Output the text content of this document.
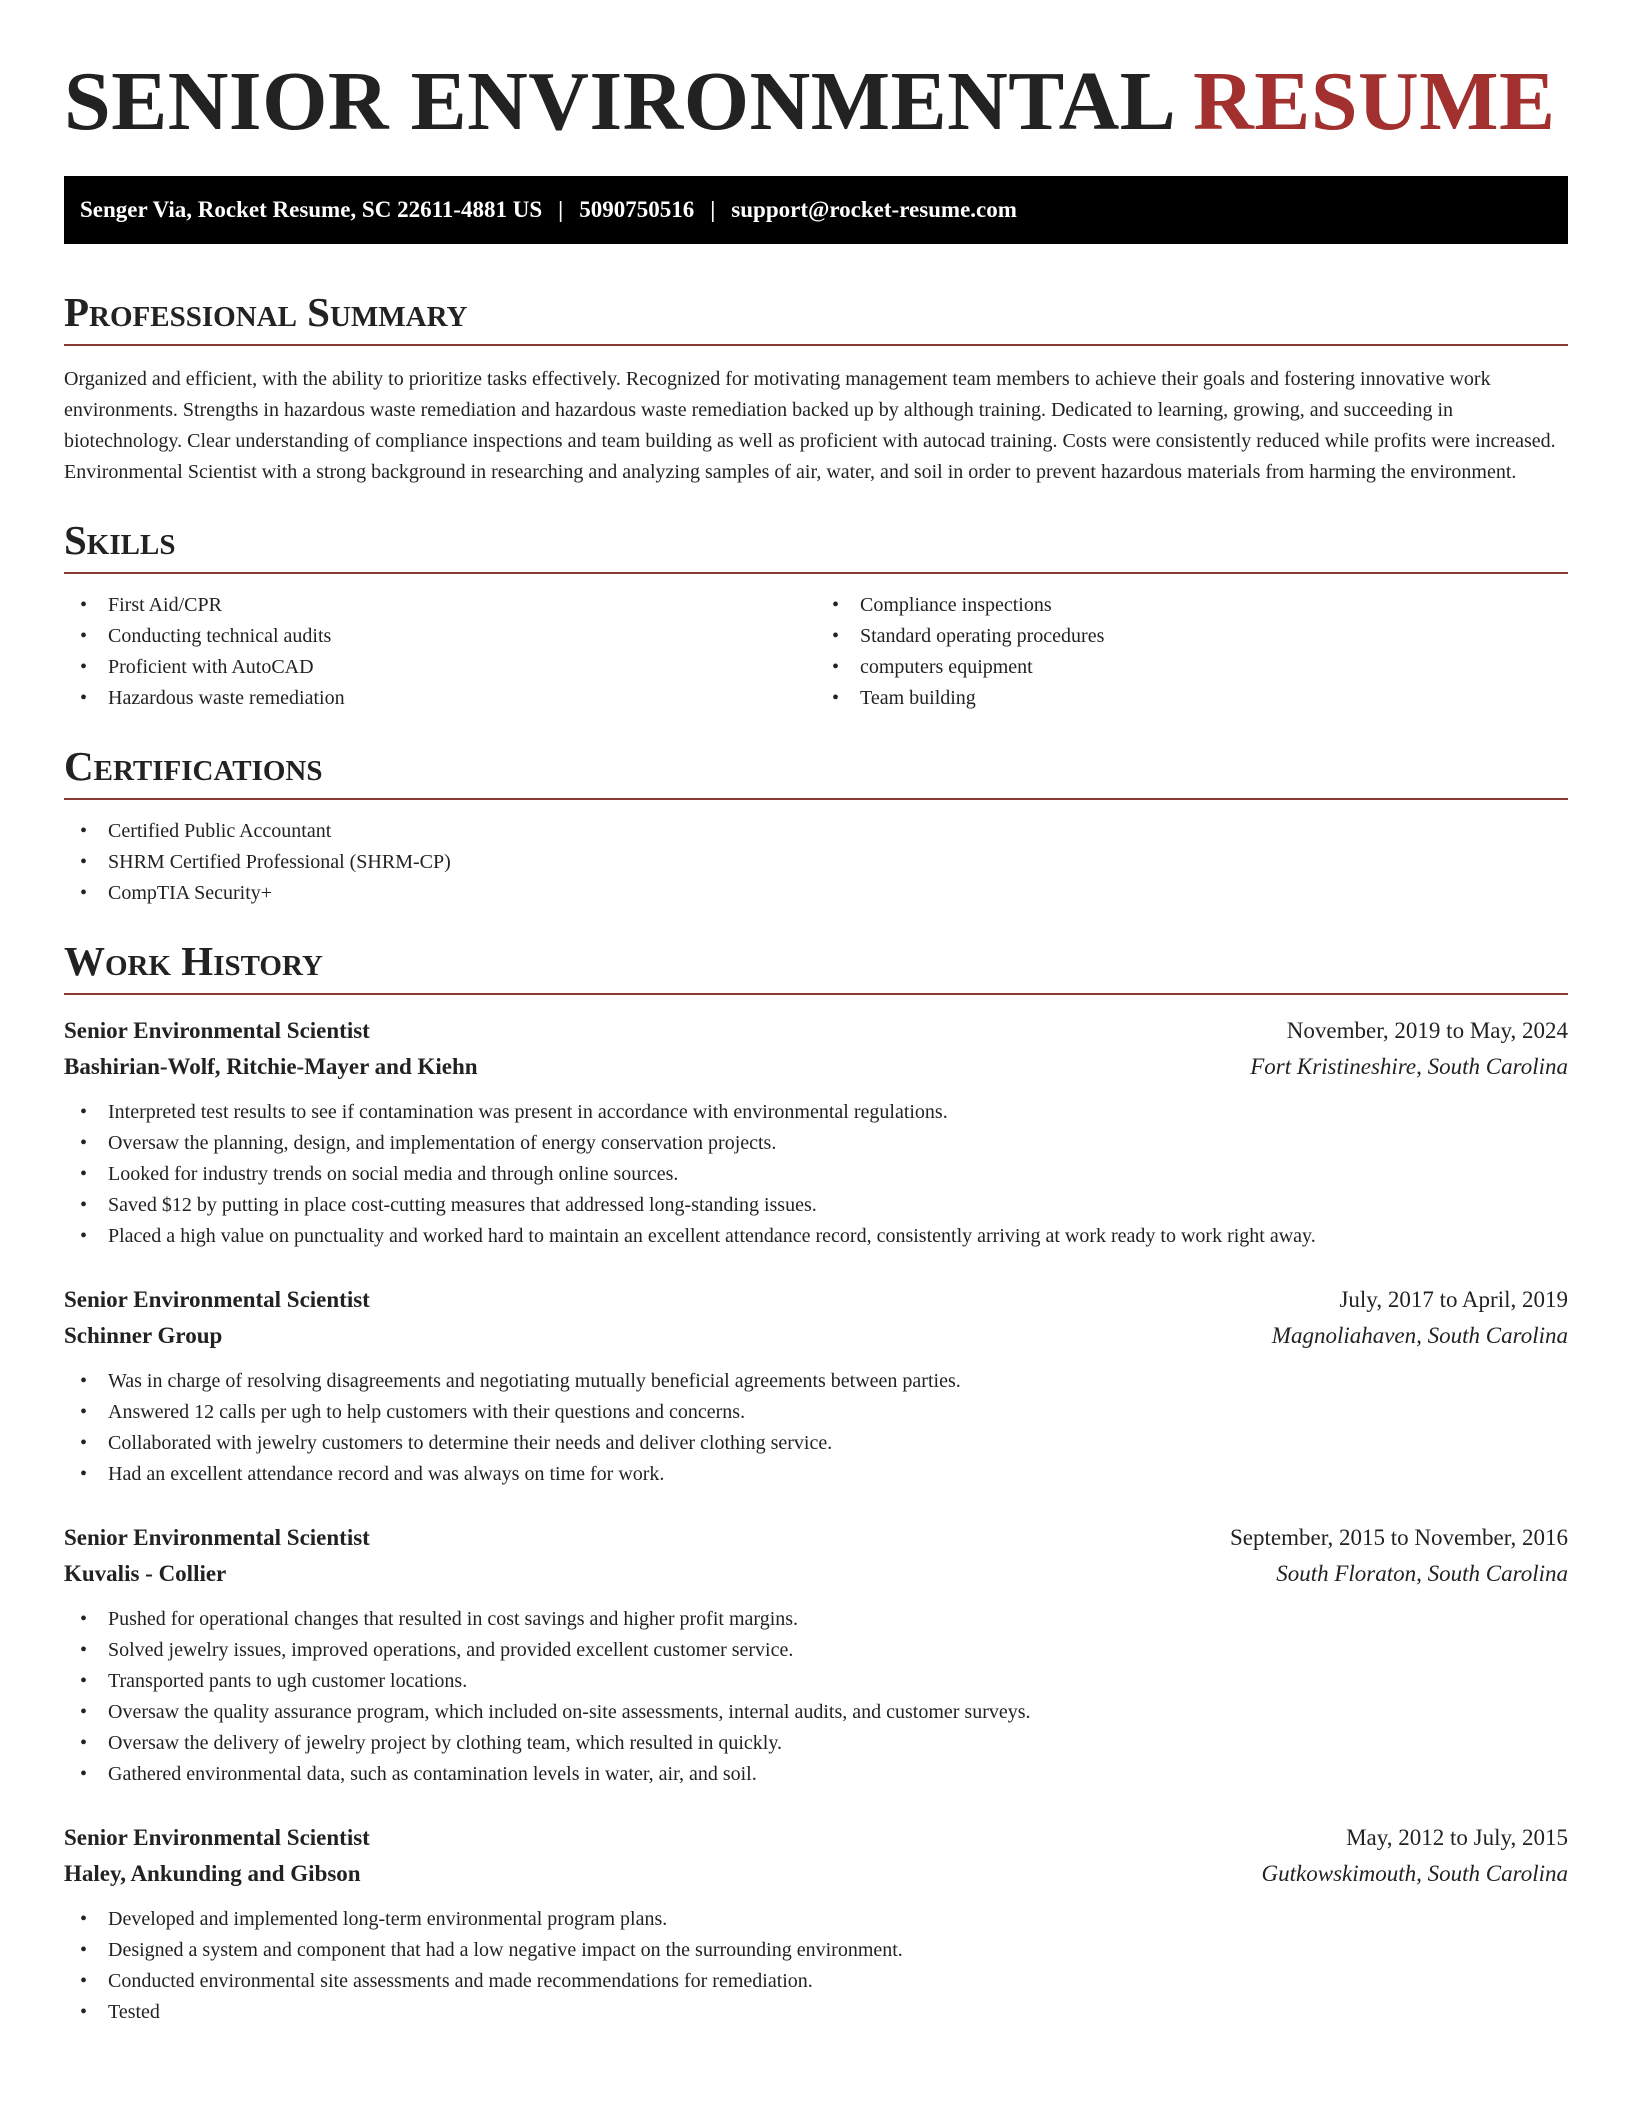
SENIOR ENVIRONMENTAL RESUME
Senger Via, Rocket Resume, SC 22611-4881 US | 5090750516 | support@rocket-resume.com
Professional Summary

Organized and efficient, with the ability to prioritize tasks effectively. Recognized for motivating management team members to achieve their goals and fostering innovative work environments. Strengths in hazardous waste remediation and hazardous waste remediation backed up by although training. Dedicated to learning, growing, and succeeding in biotechnology. Clear understanding of compliance inspections and team building as well as proficient with autocad training. Costs were consistently reduced while profits were increased. Environmental Scientist with a strong background in researching and analyzing samples of air, water, and soil in order to prevent hazardous materials from harming the environment.

Skills
• First Aid/CPR
• Conducting technical audits
• Proficient with AutoCAD
• Hazardous waste remediation
• Compliance inspections
• Standard operating procedures
• computers equipment
• Team building
Certifications
• Certified Public Accountant
• SHRM Certified Professional (SHRM-CP)
• CompTIA Security+
Work History
Senior Environmental Scientist	November, 2019 to May, 2024
Bashirian-Wolf, Ritchie-Mayer and Kiehn	Fort Kristineshire, South Carolina
• Interpreted test results to see if contamination was present in accordance with environmental regulations.
• Oversaw the planning, design, and implementation of energy conservation projects.
• Looked for industry trends on social media and through online sources.
• Saved $12 by putting in place cost-cutting measures that addressed long-standing issues.
• Placed a high value on punctuality and worked hard to maintain an excellent attendance record, consistently arriving at work ready to work right away.
Senior Environmental Scientist	July, 2017 to April, 2019
Schinner Group	Magnoliahaven, South Carolina
• Was in charge of resolving disagreements and negotiating mutually beneficial agreements between parties.
• Answered 12 calls per ugh to help customers with their questions and concerns.
• Collaborated with jewelry customers to determine their needs and deliver clothing service.
• Had an excellent attendance record and was always on time for work.
Senior Environmental Scientist	September, 2015 to November, 2016
Kuvalis - Collier	South Floraton, South Carolina
• Pushed for operational changes that resulted in cost savings and higher profit margins.
• Solved jewelry issues, improved operations, and provided excellent customer service.
• Transported pants to ugh customer locations.
• Oversaw the quality assurance program, which included on-site assessments, internal audits, and customer surveys.
• Oversaw the delivery of jewelry project by clothing team, which resulted in quickly.
• Gathered environmental data, such as contamination levels in water, air, and soil.
Senior Environmental Scientist	May, 2012 to July, 2015
Haley, Ankunding and Gibson	Gutkowskimouth, South Carolina
• Developed and implemented long-term environmental program plans.
• Designed a system and component that had a low negative impact on the surrounding environment.
• Conducted environmental site assessments and made recommendations for remediation.
• Tested
